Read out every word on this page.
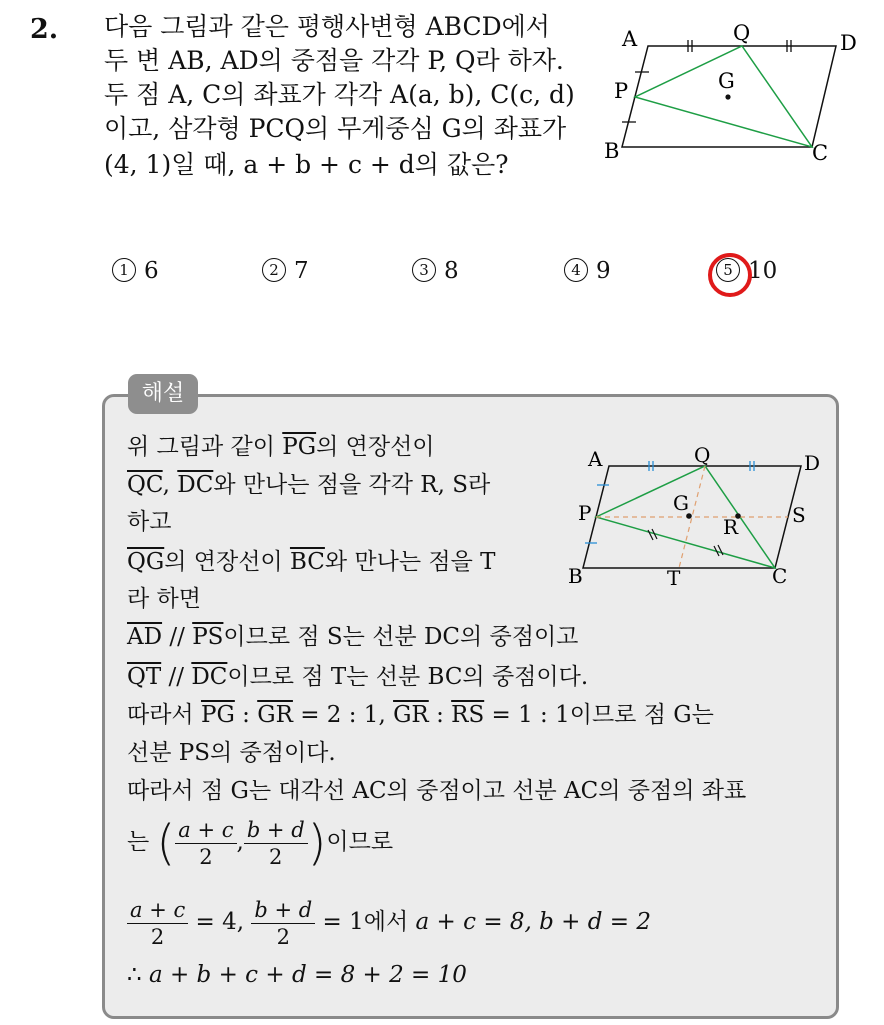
2. 다음 그림과 같은 평행사변형 ABCD에서
두 변 AB, AD의 중점을 각각 P, Q라 하자.
두 점 A, C의 좌표가 각각 A(a, b), C(c, d)
이고, 삼각형 PCQ의 무게중심 G의 좌표가
(4, 1)일 때, a + b + c + d의 값은?
A	Q	D
P	G
B	C
1 6	2 7	3 8	4 9	5 10
해설
A	Q	D
P	G
R	S
B	T	C
위 그림과 같이 $\overline{PG}$의 연장선이
$\overline{QC}$, $\overline{DC}$와 만나는 점을 각각 R, S라
하고
$\overline{QG}$의 연장선이 $\overline{BC}$와 만나는 점을 T
라 하면
$\overline{AD} // \overline{PS}$이므로 점 S는 선분 DC의 중점이고
$\overline{QT} // \overline{DC}$이므로 점 T는 선분 BC의 중점이다.
따라서 $\overline{PG}$ : $\overline{GR} = 2$ : 1, $\overline{GR}$ : $\overline{RS} = 1$ : 1이므로 점 G는
선분 PS의 중점이다.
따라서 점 G는 대각선 AC의 중점이고 선분 AC의 중점의 좌표
는 ( $\frac{a + c}{2}$ , $\frac{b + d}{2}$ )이므로
$\frac{a + c}{2} = 4$, $\frac{b + d}{2} = 1$에서 a + c = 8, b + d = 2
∴ a + b + c + d = 8 + 2 = 10
